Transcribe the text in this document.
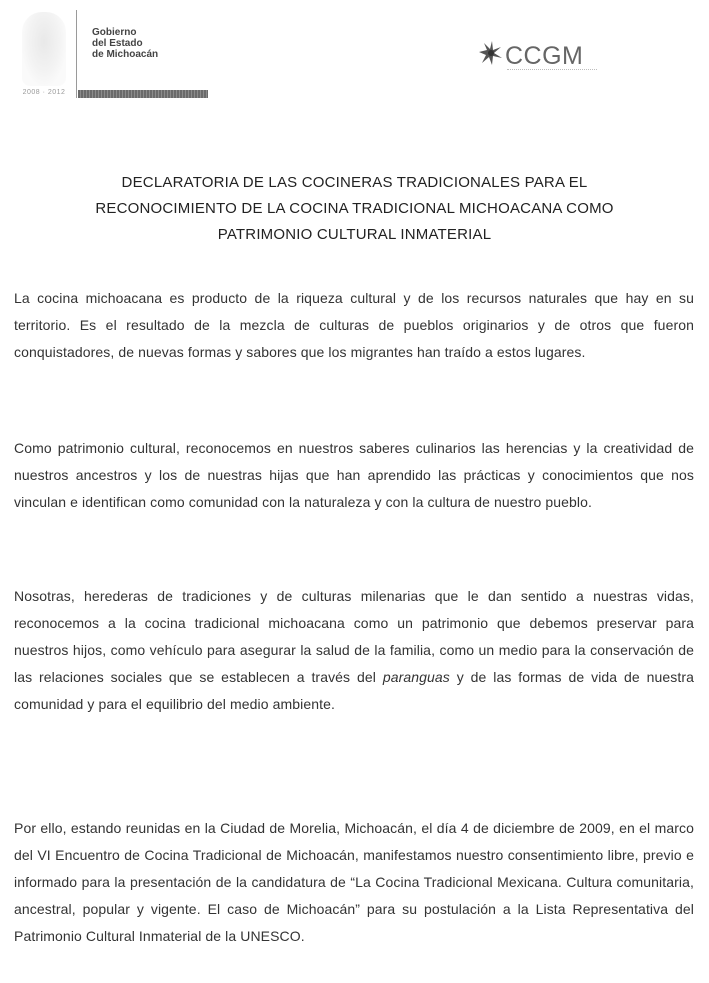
2008 · 2012
Gobierno
del Estado
de Michoacán	CCGM
DECLARATORIA DE LAS COCINERAS TRADICIONALES PARA EL
RECONOCIMIENTO DE LA COCINA TRADICIONAL MICHOACANA COMO
PATRIMONIO CULTURAL INMATERIAL

La cocina michoacana es producto de la riqueza cultural y de los recursos naturales que hay en su territorio. Es el resultado de la mezcla de culturas de pueblos originarios y de otros que fueron conquistadores, de nuevas formas y sabores que los migrantes han traído a estos lugares.

Como patrimonio cultural, reconocemos en nuestros saberes culinarios las herencias y la creatividad de nuestros ancestros y los de nuestras hijas que han aprendido las prácticas y conocimientos que nos vinculan e identifican como comunidad con la naturaleza y con la cultura de nuestro pueblo.

Nosotras, herederas de tradiciones y de culturas milenarias que le dan sentido a nuestras vidas, reconocemos a la cocina tradicional michoacana como un patrimonio que debemos preservar para nuestros hijos, como vehículo para asegurar la salud de la familia, como un medio para la conservación de las relaciones sociales que se establecen a través del paranguas y de las formas de vida de nuestra comunidad y para el equilibrio del medio ambiente.

Por ello, estando reunidas en la Ciudad de Morelia, Michoacán, el día 4 de diciembre de 2009, en el marco del VI Encuentro de Cocina Tradicional de Michoacán, manifestamos nuestro consentimiento libre, previo e informado para la presentación de la candidatura de “La Cocina Tradicional Mexicana. Cultura comunitaria, ancestral, popular y vigente. El caso de Michoacán” para su postulación a la Lista Representativa del Patrimonio Cultural Inmaterial de la UNESCO.
